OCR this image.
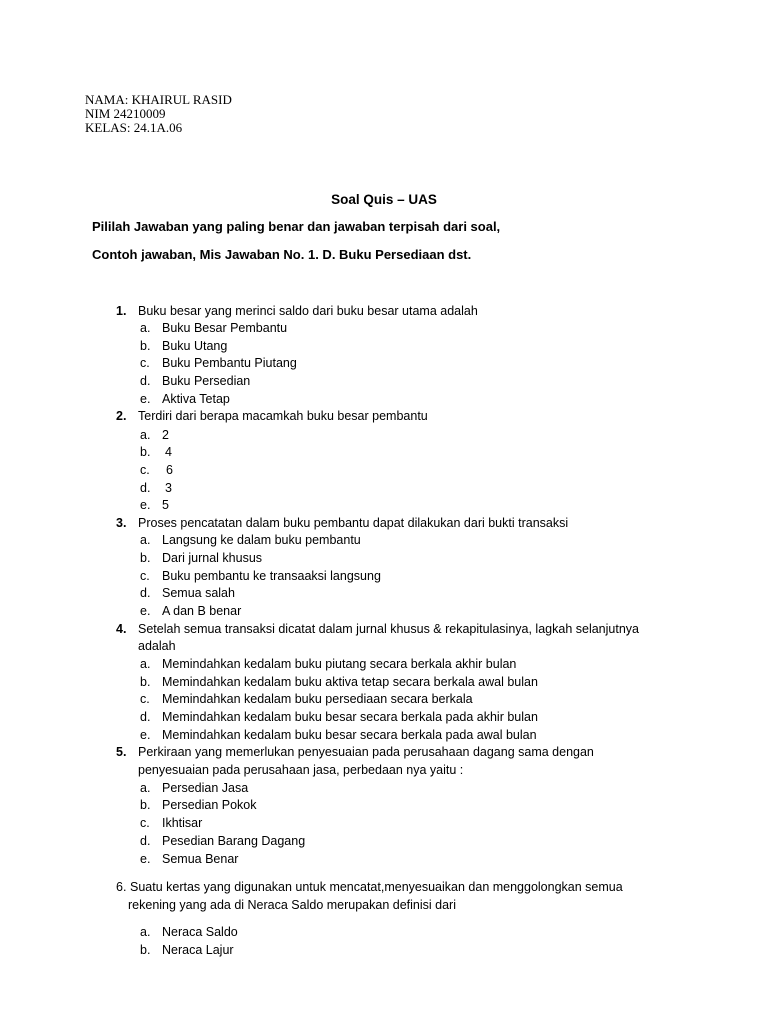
NAMA: KHAIRUL RASID
NIM 24210009
KELAS: 24.1A.06
Soal Quis – UAS
Pililah Jawaban yang paling benar dan jawaban terpisah dari soal,
Contoh jawaban, Mis Jawaban No. 1. D. Buku Persediaan dst.
1. Buku besar yang merinci saldo dari buku besar utama adalah
a. Buku Besar Pembantu
b. Buku Utang
c. Buku Pembantu Piutang
d. Buku Persedian
e. Aktiva Tetap
2. Terdiri dari berapa macamkah buku besar pembantu
a. 2
b. 4
c. 6
d. 3
e. 5
3. Proses pencatatan dalam buku pembantu dapat dilakukan dari bukti transaksi
a. Langsung ke dalam buku pembantu
b. Dari jurnal khusus
c. Buku pembantu ke transaaksi langsung
d. Semua salah
e. A dan B benar
4. Setelah semua transaksi dicatat dalam jurnal khusus & rekapitulasinya, lagkah selanjutnya
adalah
a. Memindahkan kedalam buku piutang secara berkala akhir bulan
b. Memindahkan kedalam buku aktiva tetap secara berkala awal bulan
c. Memindahkan kedalam buku persediaan secara berkala
d. Memindahkan kedalam buku besar secara berkala pada akhir bulan
e. Memindahkan kedalam buku besar secara berkala pada awal bulan
5. Perkiraan yang memerlukan penyesuaian pada perusahaan dagang sama dengan
penyesuaian pada perusahaan jasa, perbedaan nya yaitu :
a. Persedian Jasa
b. Persedian Pokok
c. Ikhtisar
d. Pesedian Barang Dagang
e. Semua Benar
6. Suatu kertas yang digunakan untuk mencatat,menyesuaikan dan menggolongkan semua
rekening yang ada di Neraca Saldo merupakan definisi dari
a. Neraca Saldo
b. Neraca Lajur
